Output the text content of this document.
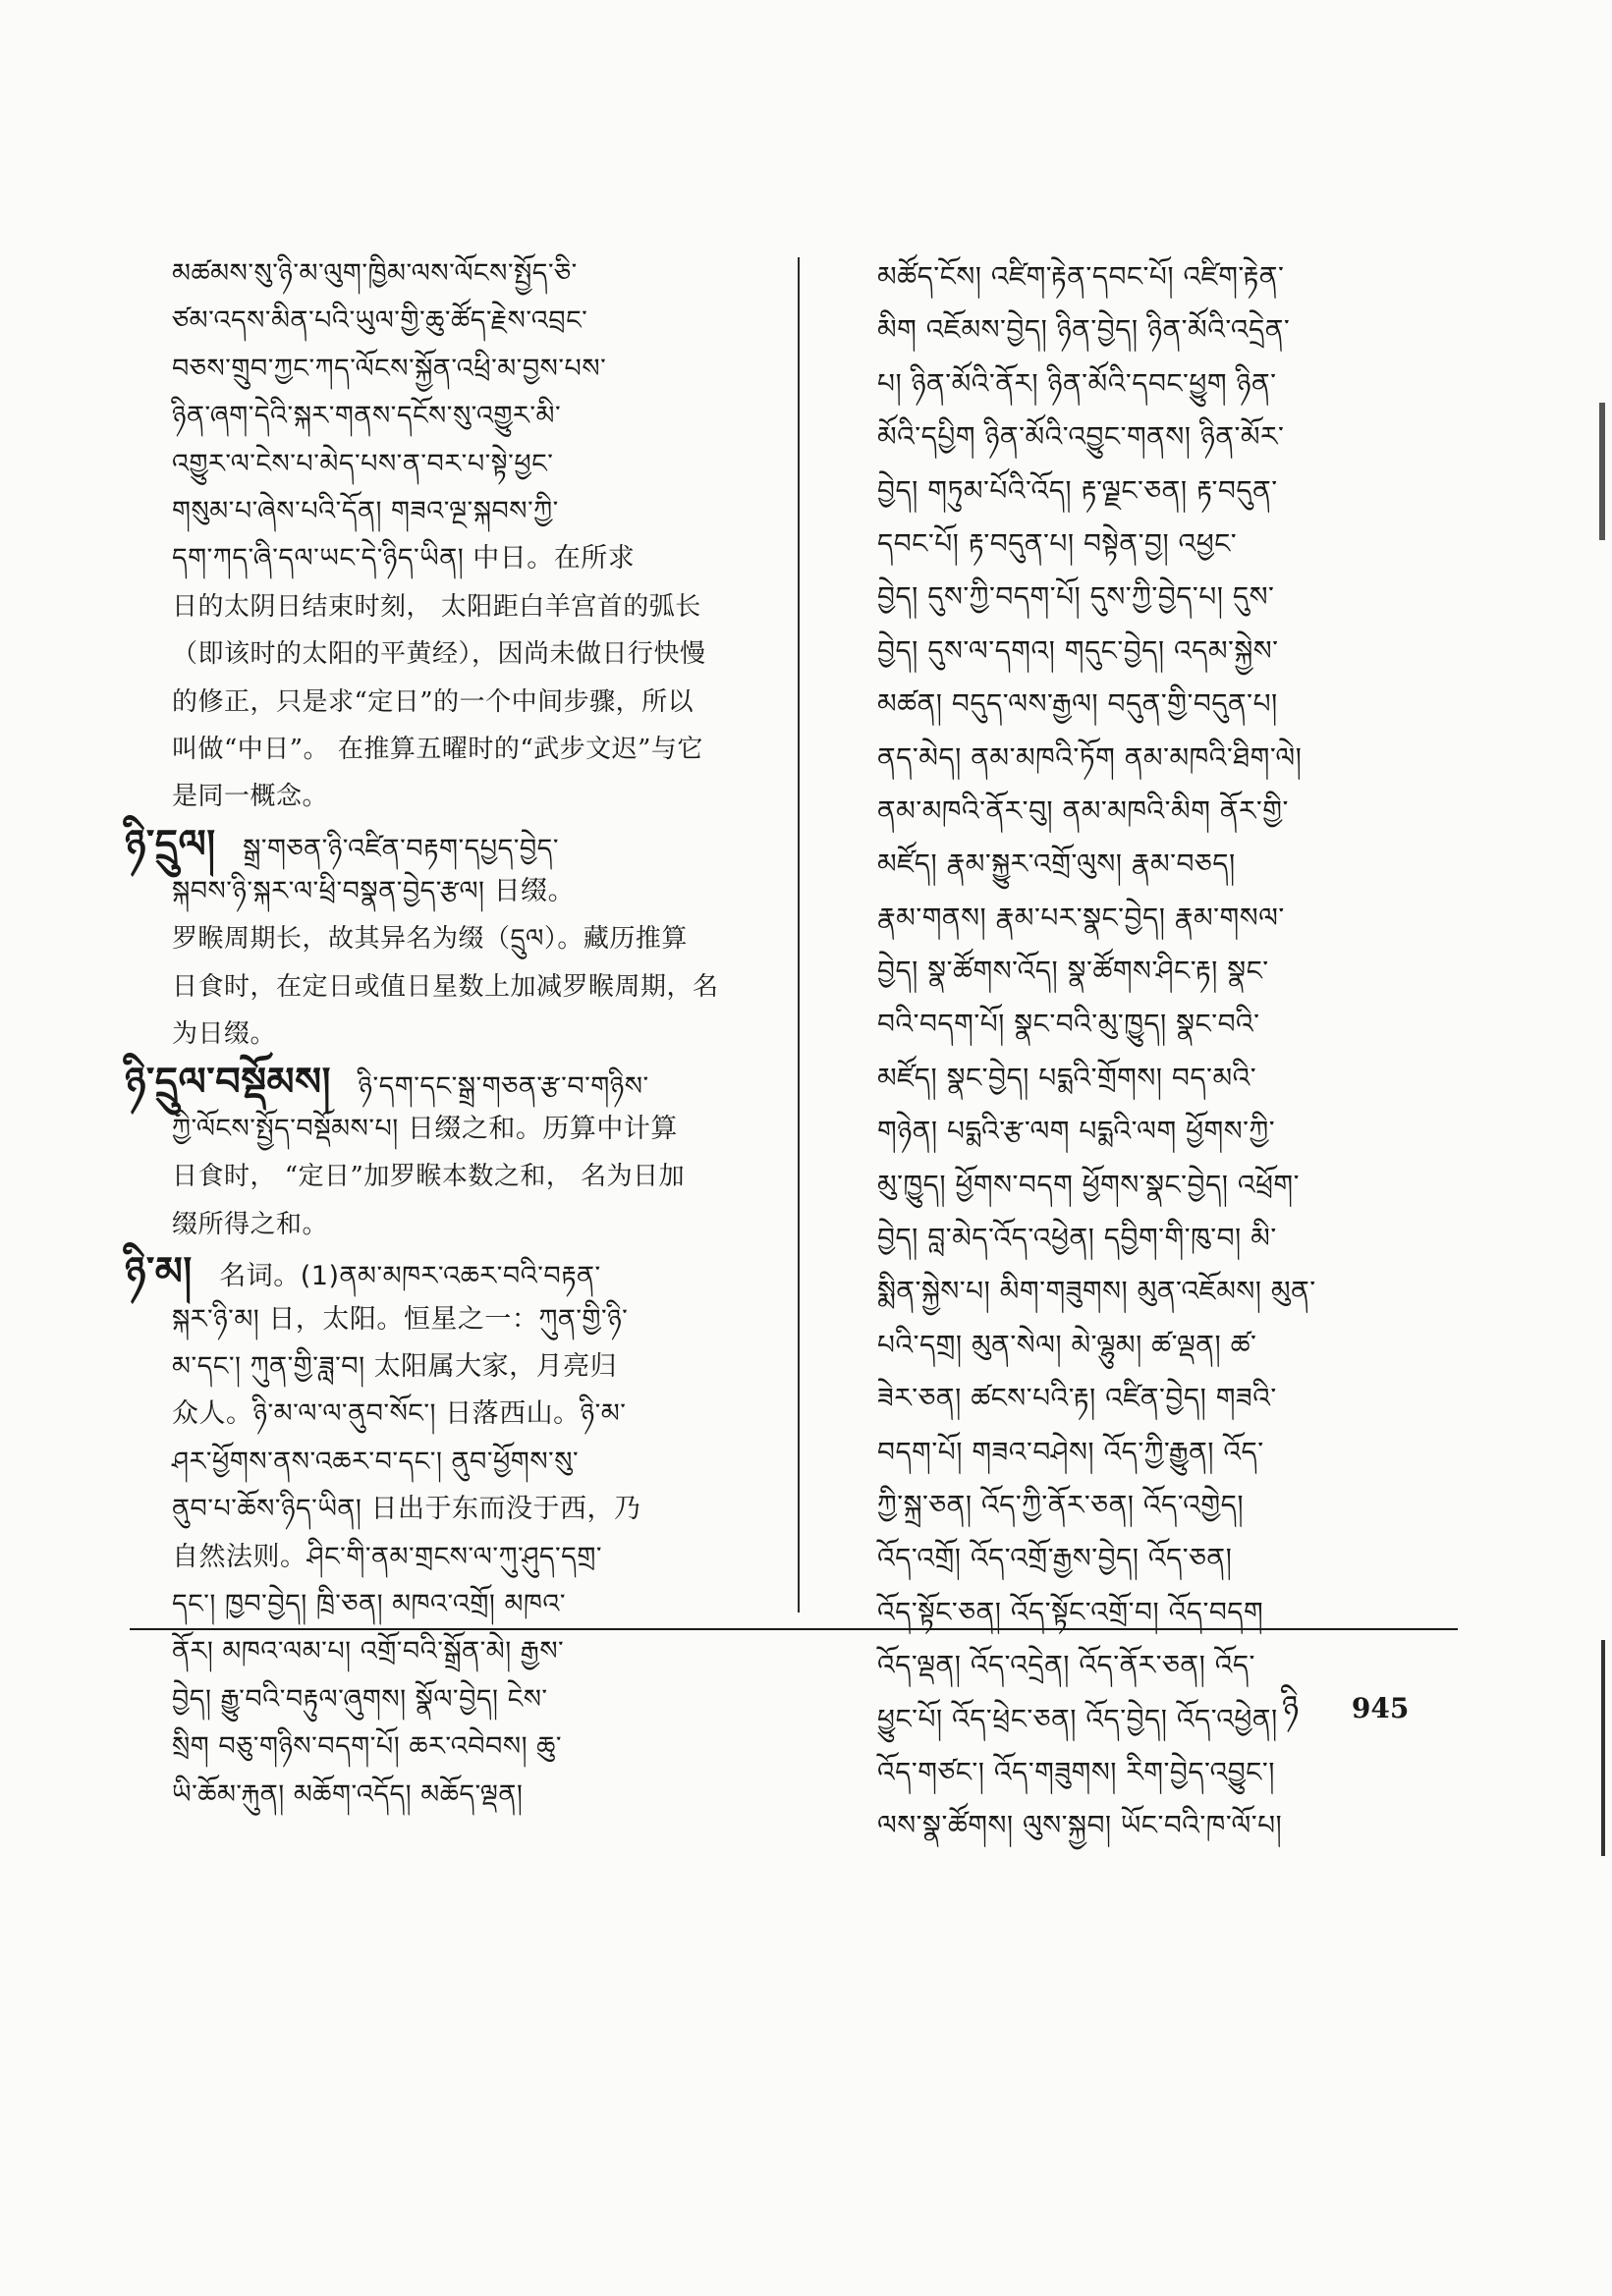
མཚམས་སུ་ཉི་མ་ལུག་ཁྱིམ་ལས་ལོངས་སྤྱོད་ཅི་
ཙམ་འདས་མིན་པའི་ཡུལ་གྱི་ཆུ་ཚོད་རྗེས་འབྲང་
བཅས་གྲུབ་ཀྱང་ཀད་ལོངས་སྐྱོན་འཕྲི་མ་བྱས་པས་
ཉིན་ཞག་དེའི་སྐར་གནས་དངོས་སུ་འགྱུར་མི་
འགྱུར་ལ་ངེས་པ་མེད་པས་ན་བར་པ་སྟེ་ཕྱང་
གསུམ་པ་ཞེས་པའི་དོན། གཟའ་ལྔ་སྐབས་ཀྱི་
དག་ཀད་ཞི་དལ་ཡང་དེ་ཉིད་ཡིན། 中日。在所求
日的太阴日结束时刻， 太阳距白羊宫首的弧长
（即该时的太阳的平黄经），因尚未做日行快慢
的修正，只是求“定日”的一个中间步骤，所以
叫做“中日”。 在推算五曜时的“武步文迟”与它
是同一概念。
ཉི་དྲུལ།  སྒྲ་གཅན་ཉི་འཛིན་བརྟག་དཔྱད་བྱེད་
སྐབས་ཉི་སྐར་ལ་ཕྲི་བསྣན་བྱེད་རྩལ། 日缀。
罗睺周期长，故其异名为缀（དྲུལ）。藏历推算
日食时，在定日或值日星数上加减罗睺周期，名
为日缀。
ཉི་དྲུལ་བསྡོམས།  ཉི་དག་དང་སྒྲ་གཅན་རྩ་བ་གཉིས་
ཀྱི་ལོངས་སྤྱོད་བསྡོམས་པ། 日缀之和。历算中计算
日食时， “定日”加罗睺本数之和， 名为日加
缀所得之和。
ཉི་མ།  名词。(1)ནམ་མཁར་འཆར་བའི་བརྟན་
སྐར་ཉི་མ། 日，太阳。恒星之一：ཀུན་གྱི་ཉི་
མ་དང་། ཀུན་གྱི་ཟླ་བ། 太阳属大家，月亮归
众人。ཉི་མ་ལ་ལ་ནུབ་སོང་། 日落西山。ཉི་མ་
ཤར་ཕྱོགས་ནས་འཆར་བ་དང་། ནུབ་ཕྱོགས་སུ་
ནུབ་པ་ཆོས་ཉིད་ཡིན། 日出于东而没于西，乃
自然法则。ཤིང་གི་ནམ་གྲངས་ལ་ཀུ་ཤུད་དགྲ་
དང་། ཁྱབ་བྱེད། ཁྲི་ཅན། མཁའ་འགྲོ། མཁའ་
ནོར། མཁའ་ལམ་པ། འགྲོ་བའི་སྒྲོན་མེ། རྒྱས་
བྱེད། རྒྱུ་བའི་བརྟུལ་ཞུགས། སྣོལ་བྱེད། ངེས་
སྲིག བཅུ་གཉིས་བདག་པོ། ཆར་འབེབས། ཆུ་
ཡི་ཆོམ་རྐུན། མཆོག་འདོད། མཆོད་ལྡན།
མཚོད་ངོས། འཛིག་རྟེན་དབང་པོ། འཛིག་རྟེན་
མིག འཇོམས་བྱེད། ཉིན་བྱེད། ཉིན་མོའི་འདྲེན་
པ། ཉིན་མོའི་ནོར། ཉིན་མོའི་དབང་ཕྱུག ཉིན་
མོའི་དཔྱིག ཉིན་མོའི་འབྱུང་གནས། ཉིན་མོར་
བྱེད། གཏུམ་པོའི་འོད། རྟ་ལྗང་ཅན། རྟ་བདུན་
དབང་པོ། རྟ་བདུན་པ། བསྟེན་བྱ། འཕྱང་
བྱེད། དུས་ཀྱི་བདག་པོ། དུས་ཀྱི་བྱེད་པ། དུས་
བྱེད། དུས་ལ་དགའ། གདུང་བྱེད། འདམ་སྐྱེས་
མཚན། བདུད་ལས་རྒྱལ། བདུན་གྱི་བདུན་པ།
ནད་མེད། ནམ་མཁའི་ཏོག ནམ་མཁའི་ཐིག་ལེ།
ནམ་མཁའི་ནོར་བུ། ནམ་མཁའི་མིག ནོར་གྱི་
མཛོད། རྣམ་སྐྱུར་འགྲོ་ལུས། རྣམ་བཅད།
རྣམ་གནས། རྣམ་པར་སྣང་བྱེད། རྣམ་གསལ་
བྱེད། སྣ་ཚོགས་འོད། སྣ་ཚོགས་ཤིང་རྟ། སྣང་
བའི་བདག་པོ། སྣང་བའི་མུ་ཁྱུད། སྣང་བའི་
མཛོད། སྣང་བྱེད། པདྨའི་གྲོགས། བད་མའི་
གཉེན། པདྨའི་རྩ་ལག པདྨའི་ལག ཕྱོགས་ཀྱི་
མུ་ཁྱུད། ཕྱོགས་བདག ཕྱོགས་སྣང་བྱེད། འཕྲོག་
བྱེད། བླ་མེད་འོད་འཕྱེན། དབྱིག་གི་ཁུ་བ། མི་
སྨིན་སྐྱེས་པ། མིག་གཟུགས། མུན་འཇོམས། མུན་
པའི་དགྲ། མུན་སེལ། མེ་ལྷུམ། ཚ་ལྡན། ཚ་
ཟེར་ཅན། ཚངས་པའི་རྟ། འཛིན་བྱེད། གཟའི་
བདག་པོ། གཟའ་བཤེས། འོད་ཀྱི་རྒྱུན། འོད་
ཀྱི་སྐྲ་ཅན། འོད་ཀྱི་ནོར་ཅན། འོད་འགྱེད།
འོད་འགྲོ། འོད་འགྲོ་རྒྱས་བྱེད། འོད་ཅན།
འོད་སྟོང་ཅན། འོད་སྟོང་འགྲོ་བ། འོད་བདག
འོད་ལྡན། འོད་འདྲེན། འོད་ནོར་ཅན། འོད་
ཕྱུང་པོ། འོད་ཕྲེང་ཅན། འོད་བྱེད། འོད་འཕྱེན།
འོད་གཙང་། འོད་གཟུགས། རིག་བྱེད་འབྱུང་།
ལས་སྣ་ཚོགས། ལུས་སྐྱབ། ཡོང་བའི་ཁ་ལོ་པ།
ཉི 945
